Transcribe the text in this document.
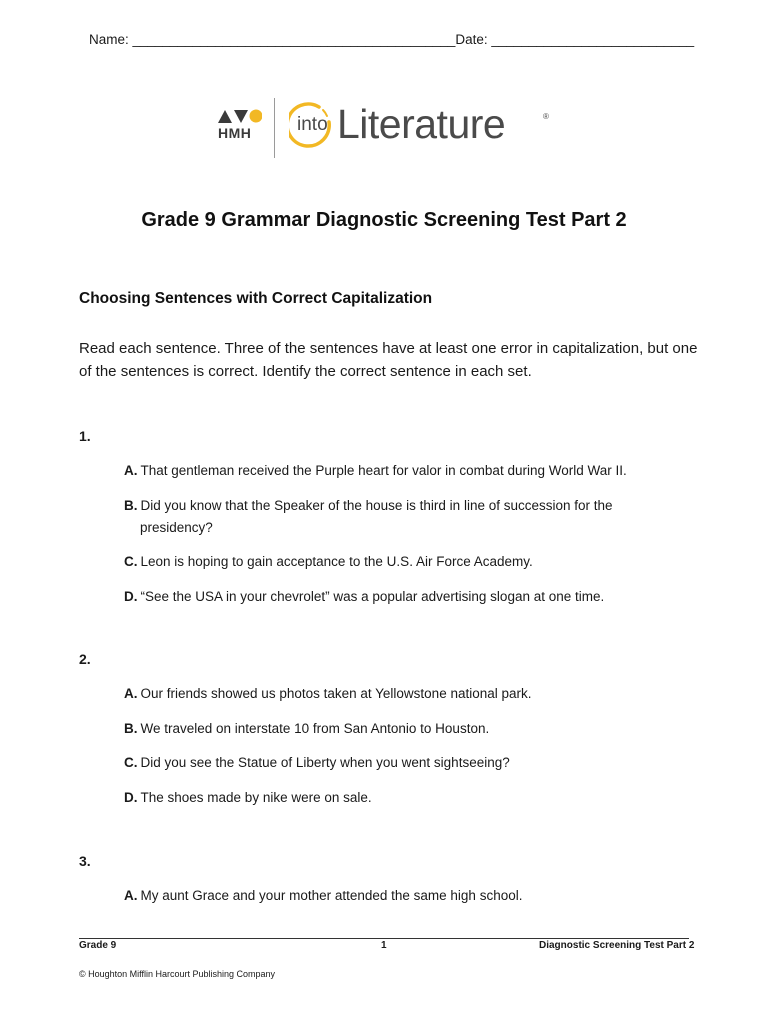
Name: ___________________________________________Date: ___________________________
HMH into Literature	®
Grade 9 Grammar Diagnostic Screening Test Part 2
Choosing Sentences with Correct Capitalization
Read each sentence. Three of the sentences have at least one error in capitalization, but one of the sentences is correct. Identify the correct sentence in each set.
1.
A. That gentleman received the Purple heart for valor in combat during World War II.
B. Did you know that the Speaker of the house is third in line of succession for the
presidency?
C. Leon is hoping to gain acceptance to the U.S. Air Force Academy.
D. “See the USA in your chevrolet” was a popular advertising slogan at one time.
2.
A. Our friends showed us photos taken at Yellowstone national park.
B. We traveled on interstate 10 from San Antonio to Houston.
C. Did you see the Statue of Liberty when you went sightseeing?
D. The shoes made by nike were on sale.
3.
A. My aunt Grace and your mother attended the same high school.
Grade 9	1	Diagnostic Screening Test Part 2
© Houghton Mifflin Harcourt Publishing Company
